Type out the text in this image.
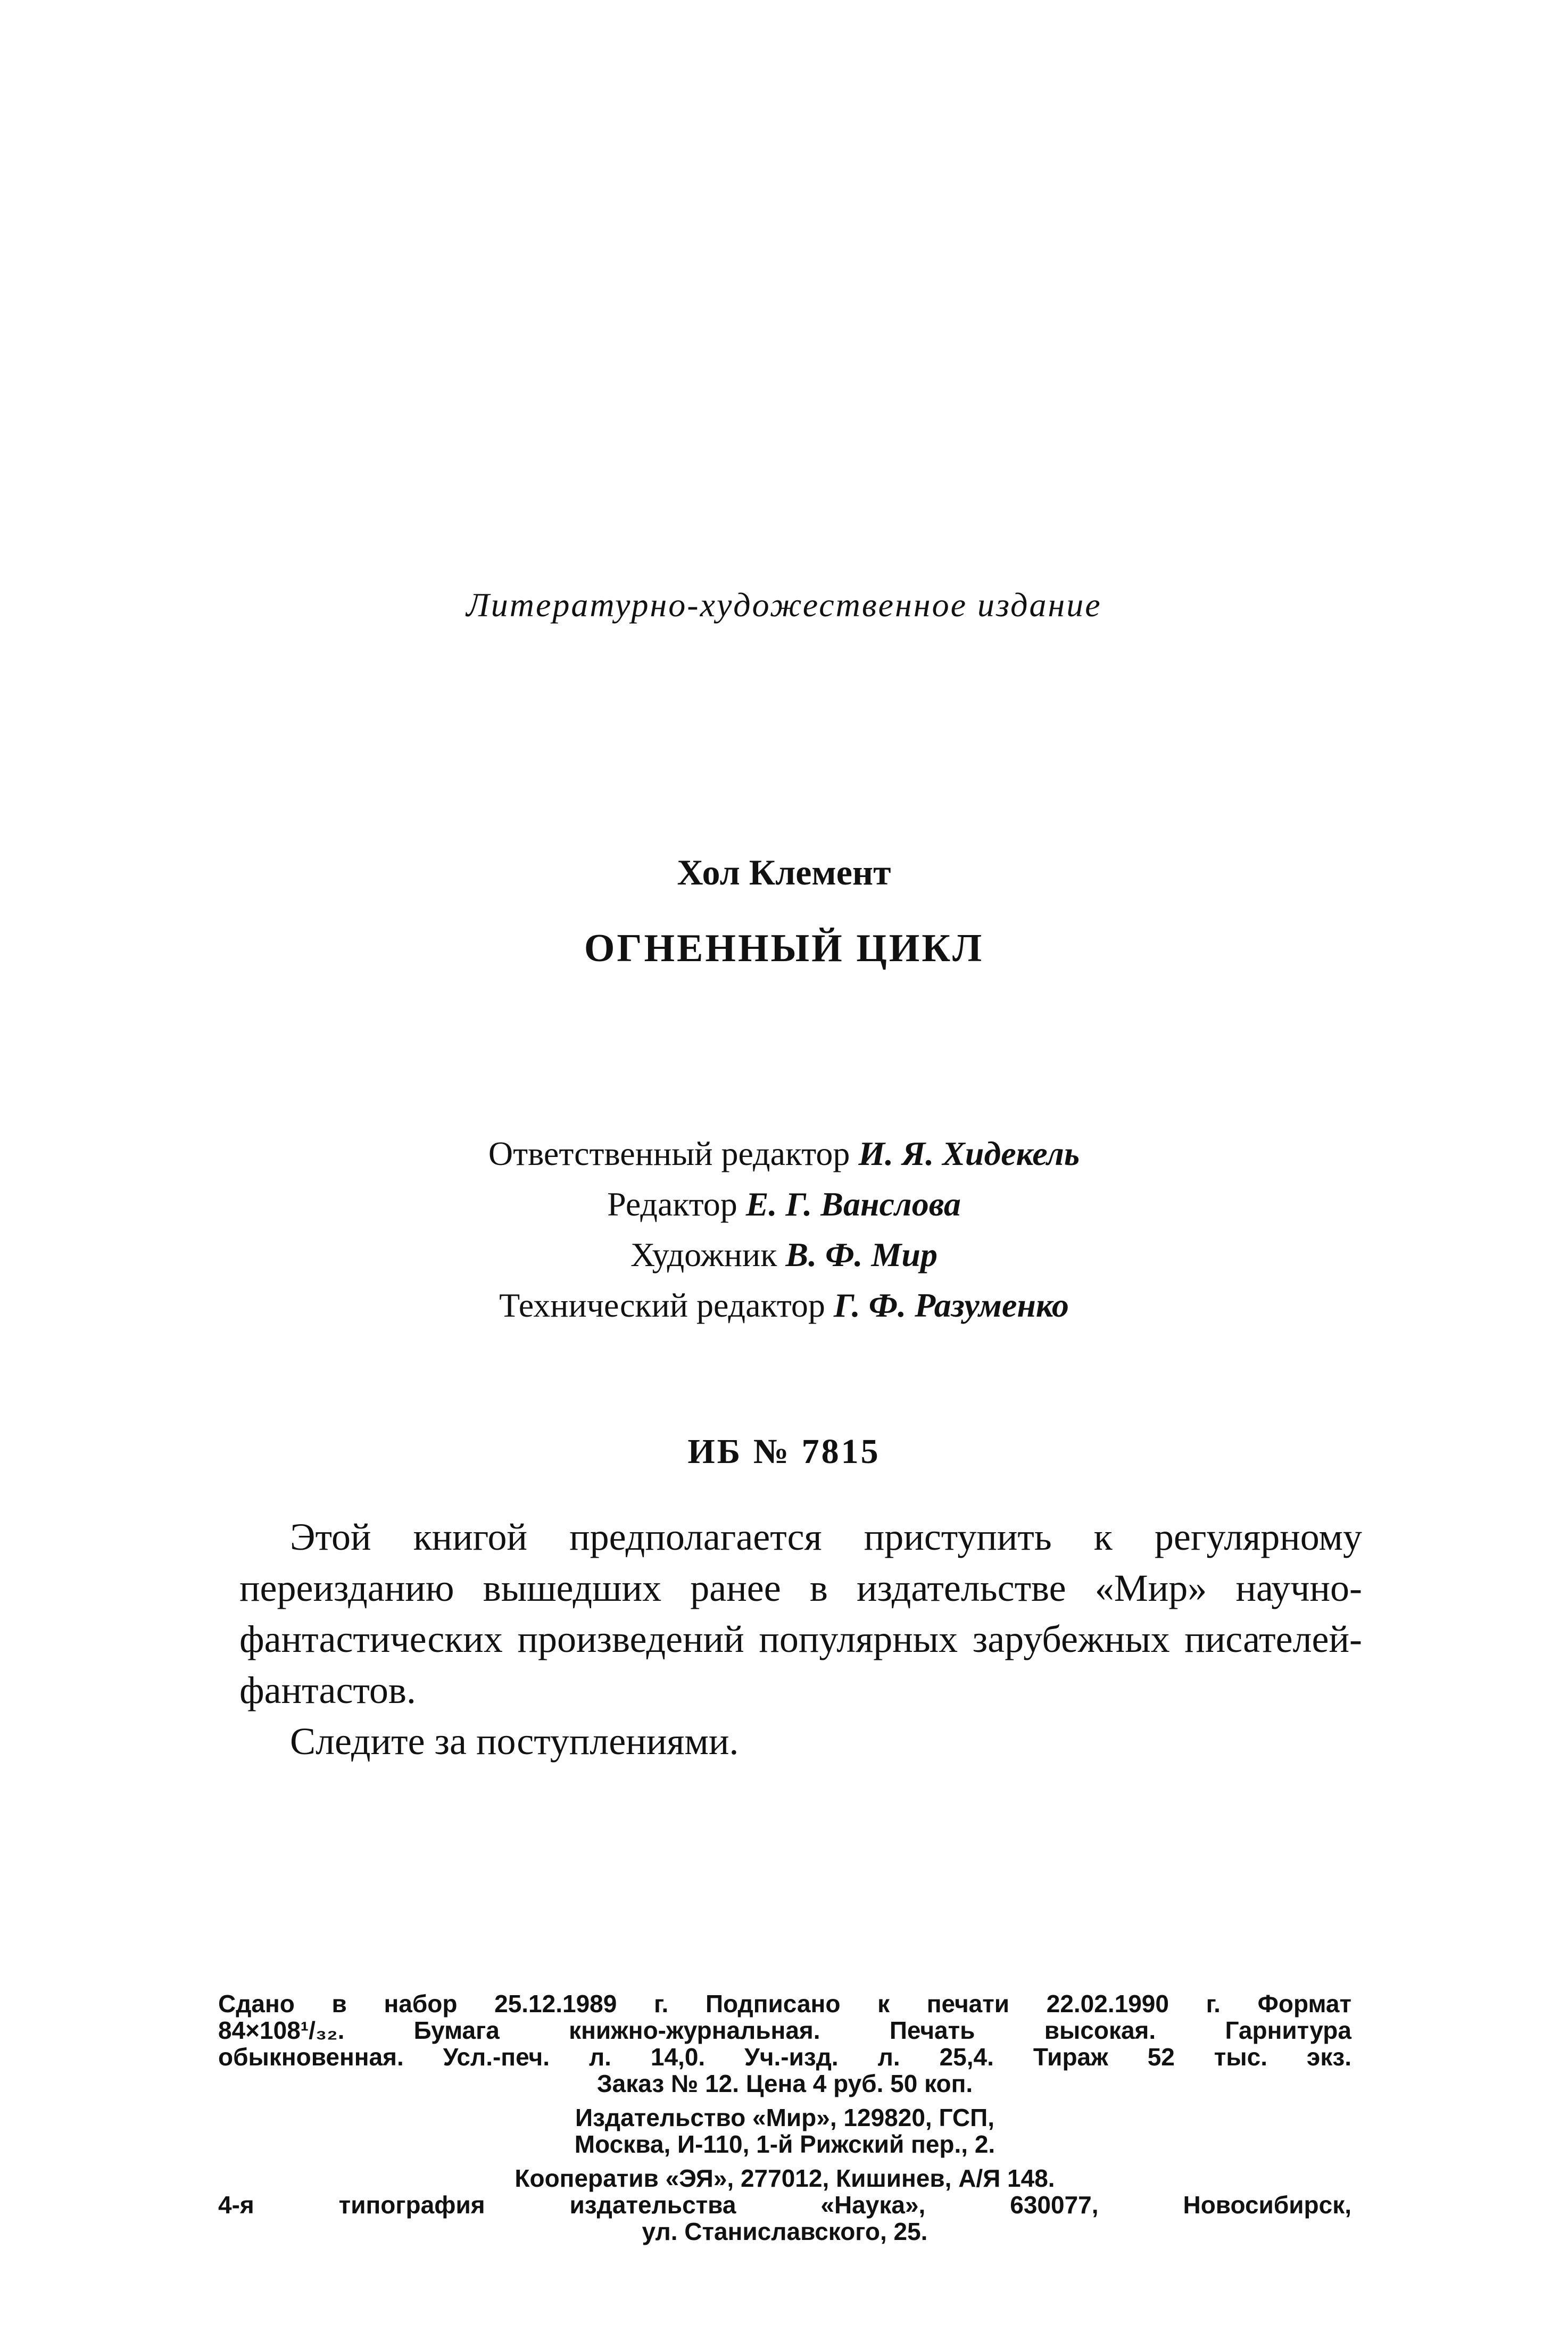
Литературно-художественное издание
Хол Клемент
ОГНЕННЫЙ ЦИКЛ
Ответственный редактор И. Я. Хидекель
Редактор Е. Г. Ванслова
Художник В. Ф. Мир
Технический редактор Г. Ф. Разуменко
ИБ № 7815

Этой книгой предполагается приступить к регулярному переизданию вышедших ранее в издательстве «Мир» научно-фантастических произведений популярных зарубежных писателей-фантастов.

Следите за поступлениями.

Сдано в набор 25.12.1989 г. Подписано к печати 22.02.1990 г. Формат
84×108¹/₃₂. Бумага книжно-журнальная. Печать высокая. Гарнитура
обыкновенная. Усл.-печ. л. 14,0. Уч.-изд. л. 25,4. Тираж 52 тыс. экз.
Заказ № 12. Цена 4 руб. 50 коп.
Издательство «Мир», 129820, ГСП,
Москва, И-110, 1-й Рижский пер., 2.
Кооператив «ЭЯ», 277012, Кишинев, А/Я 148.
4-я типография издательства «Наука», 630077, Новосибирск,
ул. Станиславского, 25.
